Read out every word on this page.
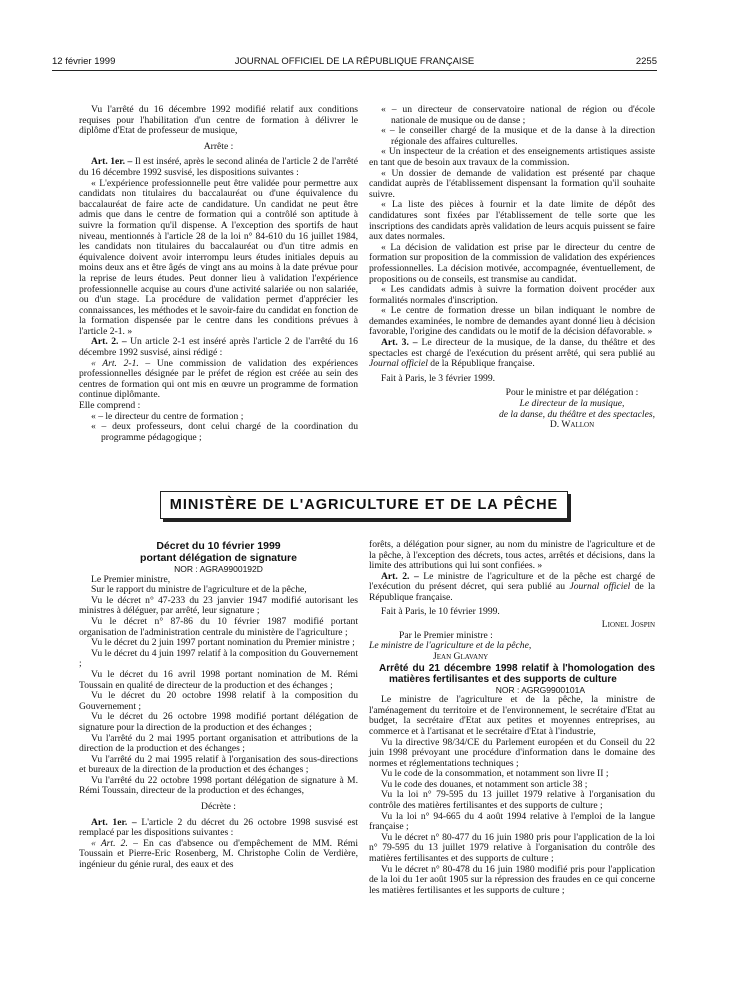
12 février 1999	JOURNAL OFFICIEL DE LA RÉPUBLIQUE FRANÇAISE	2255

Vu l'arrêté du 16 décembre 1992 modifié relatif aux conditions requises pour l'habilitation d'un centre de formation à délivrer le diplôme d'Etat de professeur de musique,

Arrête :

Art. 1er. – Il est inséré, après le second alinéa de l'article 2 de l'arrêté du 16 décembre 1992 susvisé, les dispositions suivantes :

« L'expérience professionnelle peut être validée pour permettre aux candidats non titulaires du baccalauréat ou d'une équivalence du baccalauréat de faire acte de candidature. Un candidat ne peut être admis que dans le centre de formation qui a contrôlé son aptitude à suivre la formation qu'il dispense. A l'exception des sportifs de haut niveau, mentionnés à l'article 28 de la loi n° 84-610 du 16 juillet 1984, les candidats non titulaires du baccalauréat ou d'un titre admis en équivalence doivent avoir interrompu leurs études initiales depuis au moins deux ans et être âgés de vingt ans au moins à la date prévue pour la reprise de leurs études. Peut donner lieu à validation l'expérience professionnelle acquise au cours d'une activité salariée ou non salariée, ou d'un stage. La procédure de validation permet d'apprécier les connaissances, les méthodes et le savoir-faire du candidat en fonction de la formation dispensée par le centre dans les conditions prévues à l'article 2-1. »

Art. 2. – Un article 2-1 est inséré après l'article 2 de l'arrêté du 16 décembre 1992 susvisé, ainsi rédigé :

« Art. 2-1. – Une commission de validation des expériences professionnelles désignée par le préfet de région est créée au sein des centres de formation qui ont mis en œuvre un programme de formation continue diplômante.

Elle comprend :

« – le directeur du centre de formation ;

« – deux professeurs, dont celui chargé de la coordination du programme pédagogique ;

« – un directeur de conservatoire national de région ou d'école nationale de musique ou de danse ;

« – le conseiller chargé de la musique et de la danse à la direction régionale des affaires culturelles.

« Un inspecteur de la création et des enseignements artistiques assiste en tant que de besoin aux travaux de la commission.

« Un dossier de demande de validation est présenté par chaque candidat auprès de l'établissement dispensant la formation qu'il souhaite suivre.

« La liste des pièces à fournir et la date limite de dépôt des candidatures sont fixées par l'établissement de telle sorte que les inscriptions des candidats après validation de leurs acquis puissent se faire aux dates normales.

« La décision de validation est prise par le directeur du centre de formation sur proposition de la commission de validation des expériences professionnelles. La décision motivée, accompagnée, éventuellement, de propositions ou de conseils, est transmise au candidat.

« Les candidats admis à suivre la formation doivent procéder aux formalités normales d'inscription.

« Le centre de formation dresse un bilan indiquant le nombre de demandes examinées, le nombre de demandes ayant donné lieu à décision favorable, l'origine des candidats ou le motif de la décision défavorable. »

Art. 3. – Le directeur de la musique, de la danse, du théâtre et des spectacles est chargé de l'exécution du présent arrêté, qui sera publié au Journal officiel de la République française.

Fait à Paris, le 3 février 1999.

Pour le ministre et par délégation :

Le directeur de la musique,

de la danse, du théâtre et des spectacles,

D. Wallon

MINISTÈRE DE L'AGRICULTURE ET DE LA PÊCHE

Décret du 10 février 1999

portant délégation de signature

NOR : AGRA9900192D

Le Premier ministre,

Sur le rapport du ministre de l'agriculture et de la pêche,

Vu le décret n° 47-233 du 23 janvier 1947 modifié autorisant les ministres à déléguer, par arrêté, leur signature ;

Vu le décret n° 87-86 du 10 février 1987 modifié portant organisation de l'administration centrale du ministère de l'agriculture ;

Vu le décret du 2 juin 1997 portant nomination du Premier ministre ;

Vu le décret du 4 juin 1997 relatif à la composition du Gouvernement ;

Vu le décret du 16 avril 1998 portant nomination de M. Rémi Toussain en qualité de directeur de la production et des échanges ;

Vu le décret du 20 octobre 1998 relatif à la composition du Gouvernement ;

Vu le décret du 26 octobre 1998 modifié portant délégation de signature pour la direction de la production et des échanges ;

Vu l'arrêté du 2 mai 1995 portant organisation et attributions de la direction de la production et des échanges ;

Vu l'arrêté du 2 mai 1995 relatif à l'organisation des sous-directions et bureaux de la direction de la production et des échanges ;

Vu l'arrêté du 22 octobre 1998 portant délégation de signature à M. Rémi Toussain, directeur de la production et des échanges,

Décrète :

Art. 1er. – L'article 2 du décret du 26 octobre 1998 susvisé est remplacé par les dispositions suivantes :

« Art. 2. – En cas d'absence ou d'empêchement de MM. Rémi Toussain et Pierre-Eric Rosenberg, M. Christophe Colin de Verdière, ingénieur du génie rural, des eaux et des

forêts, a délégation pour signer, au nom du ministre de l'agriculture et de la pêche, à l'exception des décrets, tous actes, arrêtés et décisions, dans la limite des attributions qui lui sont confiées. »

Art. 2. – Le ministre de l'agriculture et de la pêche est chargé de l'exécution du présent décret, qui sera publié au Journal officiel de la République française.

Fait à Paris, le 10 février 1999.

Lionel Jospin

Par le Premier ministre :

Le ministre de l'agriculture et de la pêche,

Jean Glavany

Arrêté du 21 décembre 1998 relatif à l'homologation des matières fertilisantes et des supports de culture

NOR : AGRG9900101A

Le ministre de l'agriculture et de la pêche, la ministre de l'aménagement du territoire et de l'environnement, le secrétaire d'Etat au budget, la secrétaire d'Etat aux petites et moyennes entreprises, au commerce et à l'artisanat et le secrétaire d'Etat à l'industrie,

Vu la directive 98/34/CE du Parlement européen et du Conseil du 22 juin 1998 prévoyant une procédure d'information dans le domaine des normes et réglementations techniques ;

Vu le code de la consommation, et notamment son livre II ;

Vu le code des douanes, et notamment son article 38 ;

Vu la loi n° 79-595 du 13 juillet 1979 relative à l'organisation du contrôle des matières fertilisantes et des supports de culture ;

Vu la loi n° 94-665 du 4 août 1994 relative à l'emploi de la langue française ;

Vu le décret n° 80-477 du 16 juin 1980 pris pour l'application de la loi n° 79-595 du 13 juillet 1979 relative à l'organisation du contrôle des matières fertilisantes et des supports de culture ;

Vu le décret n° 80-478 du 16 juin 1980 modifié pris pour l'application de la loi du 1er août 1905 sur la répression des fraudes en ce qui concerne les matières fertilisantes et les supports de culture ;
